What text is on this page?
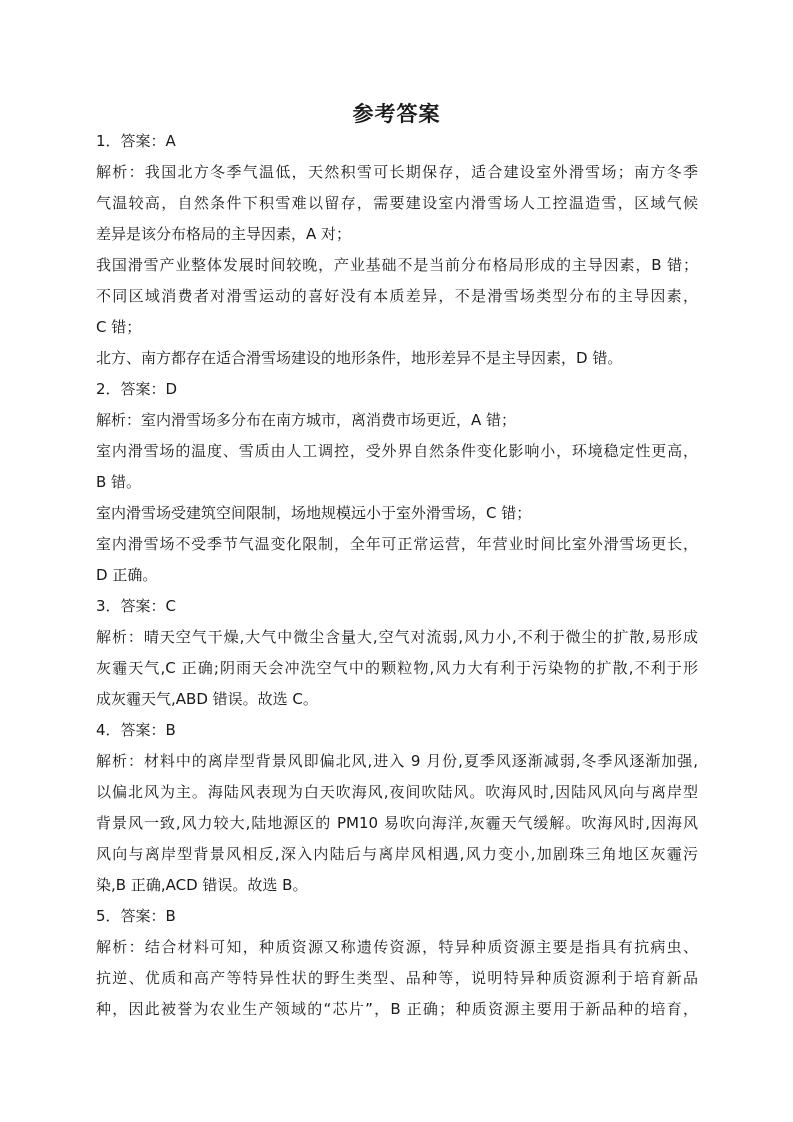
参考答案
1．答案：A
解析：我国北方冬季气温低，天然积雪可长期保存，适合建设室外滑雪场；南方冬季
气温较高，自然条件下积雪难以留存，需要建设室内滑雪场人工控温造雪，区域气候
差异是该分布格局的主导因素，A 对；
我国滑雪产业整体发展时间较晚，产业基础不是当前分布格局形成的主导因素，B 错；
不同区域消费者对滑雪运动的喜好没有本质差异，不是滑雪场类型分布的主导因素，
C 错；
北方、南方都存在适合滑雪场建设的地形条件，地形差异不是主导因素，D 错。
2．答案：D
解析：室内滑雪场多分布在南方城市，离消费市场更近，A 错；
室内滑雪场的温度、雪质由人工调控，受外界自然条件变化影响小，环境稳定性更高，
B 错。
室内滑雪场受建筑空间限制，场地规模远小于室外滑雪场，C 错；
室内滑雪场不受季节气温变化限制，全年可正常运营，年营业时间比室外滑雪场更长，
D 正确。
3．答案：C
解析：晴天空气干燥,大气中微尘含量大,空气对流弱,风力小,不利于微尘的扩散,易形成
灰霾天气,C 正确;阴雨天会冲洗空气中的颗粒物,风力大有利于污染物的扩散,不利于形
成灰霾天气,ABD 错误。故选 C。
4．答案：B
解析：材料中的离岸型背景风即偏北风,进入 9 月份,夏季风逐渐减弱,冬季风逐渐加强,
以偏北风为主。海陆风表现为白天吹海风,夜间吹陆风。吹海风时,因陆风风向与离岸型
背景风一致,风力较大,陆地源区的 PM10 易吹向海洋,灰霾天气缓解。吹海风时,因海风
风向与离岸型背景风相反,深入内陆后与离岸风相遇,风力变小,加剧珠三角地区灰霾污
染,B 正确,ACD 错误。故选 B。
5．答案：B
解析：结合材料可知，种质资源又称遗传资源，特异种质资源主要是指具有抗病虫、
抗逆、优质和高产等特异性状的野生类型、品种等，说明特异种质资源利于培育新品
种，因此被誉为农业生产领域的“芯片”，B 正确；种质资源主要用于新品种的培育，
